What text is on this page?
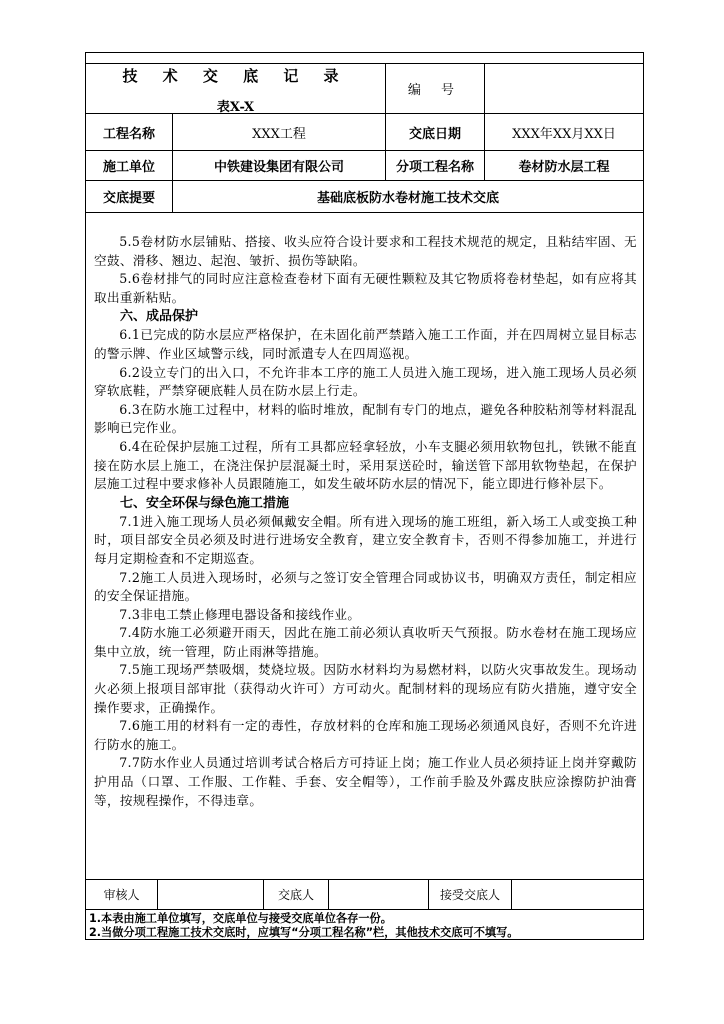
技 术 交 底 记 录
表X-X
编 号
工程名称	XXX工程	交底日期	XXX年XX月XX日
施工单位	中铁建设集团有限公司	分项工程名称	卷材防水层工程
交底提要	基础底板防水卷材施工技术交底
5.5卷材防水层铺贴、搭接、收头应符合设计要求和工程技术规范的规定，且粘结牢固、无空鼓、滑移、翘边、起泡、皱折、损伤等缺陷。
5.6卷材排气的同时应注意检查卷材下面有无硬性颗粒及其它物质将卷材垫起，如有应将其取出重新粘贴。
六、成品保护
6.1已完成的防水层应严格保护，在未固化前严禁踏入施工工作面，并在四周树立显目标志的警示牌、作业区域警示线，同时派遣专人在四周巡视。
6.2设立专门的出入口，不允许非本工序的施工人员进入施工现场，进入施工现场人员必须穿软底鞋，严禁穿硬底鞋人员在防水层上行走。
6.3在防水施工过程中，材料的临时堆放，配制有专门的地点，避免各种胶粘剂等材料混乱影响已完作业。
6.4在砼保护层施工过程，所有工具都应轻拿轻放，小车支腿必须用软物包扎，铁锹不能直接在防水层上施工，在浇注保护层混凝土时，采用泵送砼时，输送管下部用软物垫起，在保护层施工过程中要求修补人员跟随施工，如发生破坏防水层的情况下，能立即进行修补层下。
七、安全环保与绿色施工措施
7.1进入施工现场人员必须佩戴安全帽。所有进入现场的施工班组，新入场工人或变换工种时，项目部安全员必须及时进行进场安全教育，建立安全教育卡，否则不得参加施工，并进行每月定期检查和不定期巡查。
7.2施工人员进入现场时，必须与之签订安全管理合同或协议书，明确双方责任，制定相应的安全保证措施。
7.3非电工禁止修理电器设备和接线作业。
7.4防水施工必须避开雨天，因此在施工前必须认真收听天气预报。防水卷材在施工现场应集中立放，统一管理，防止雨淋等措施。
7.5施工现场严禁吸烟，焚烧垃圾。因防水材料均为易燃材料，以防火灾事故发生。现场动火必须上报项目部审批（获得动火许可）方可动火。配制材料的现场应有防火措施，遵守安全操作要求，正确操作。
7.6施工用的材料有一定的毒性，存放材料的仓库和施工现场必须通风良好，否则不允许进行防水的施工。
7.7防水作业人员通过培训考试合格后方可持证上岗；施工作业人员必须持证上岗并穿戴防护用品（口罩、工作服、工作鞋、手套、安全帽等），工作前手脸及外露皮肤应涂擦防护油膏等，按规程操作，不得违章。
审核人	交底人	接受交底人
1.本表由施工单位填写，交底单位与接受交底单位各存一份。
2.当做分项工程施工技术交底时，应填写“分项工程名称”栏，其他技术交底可不填写。
